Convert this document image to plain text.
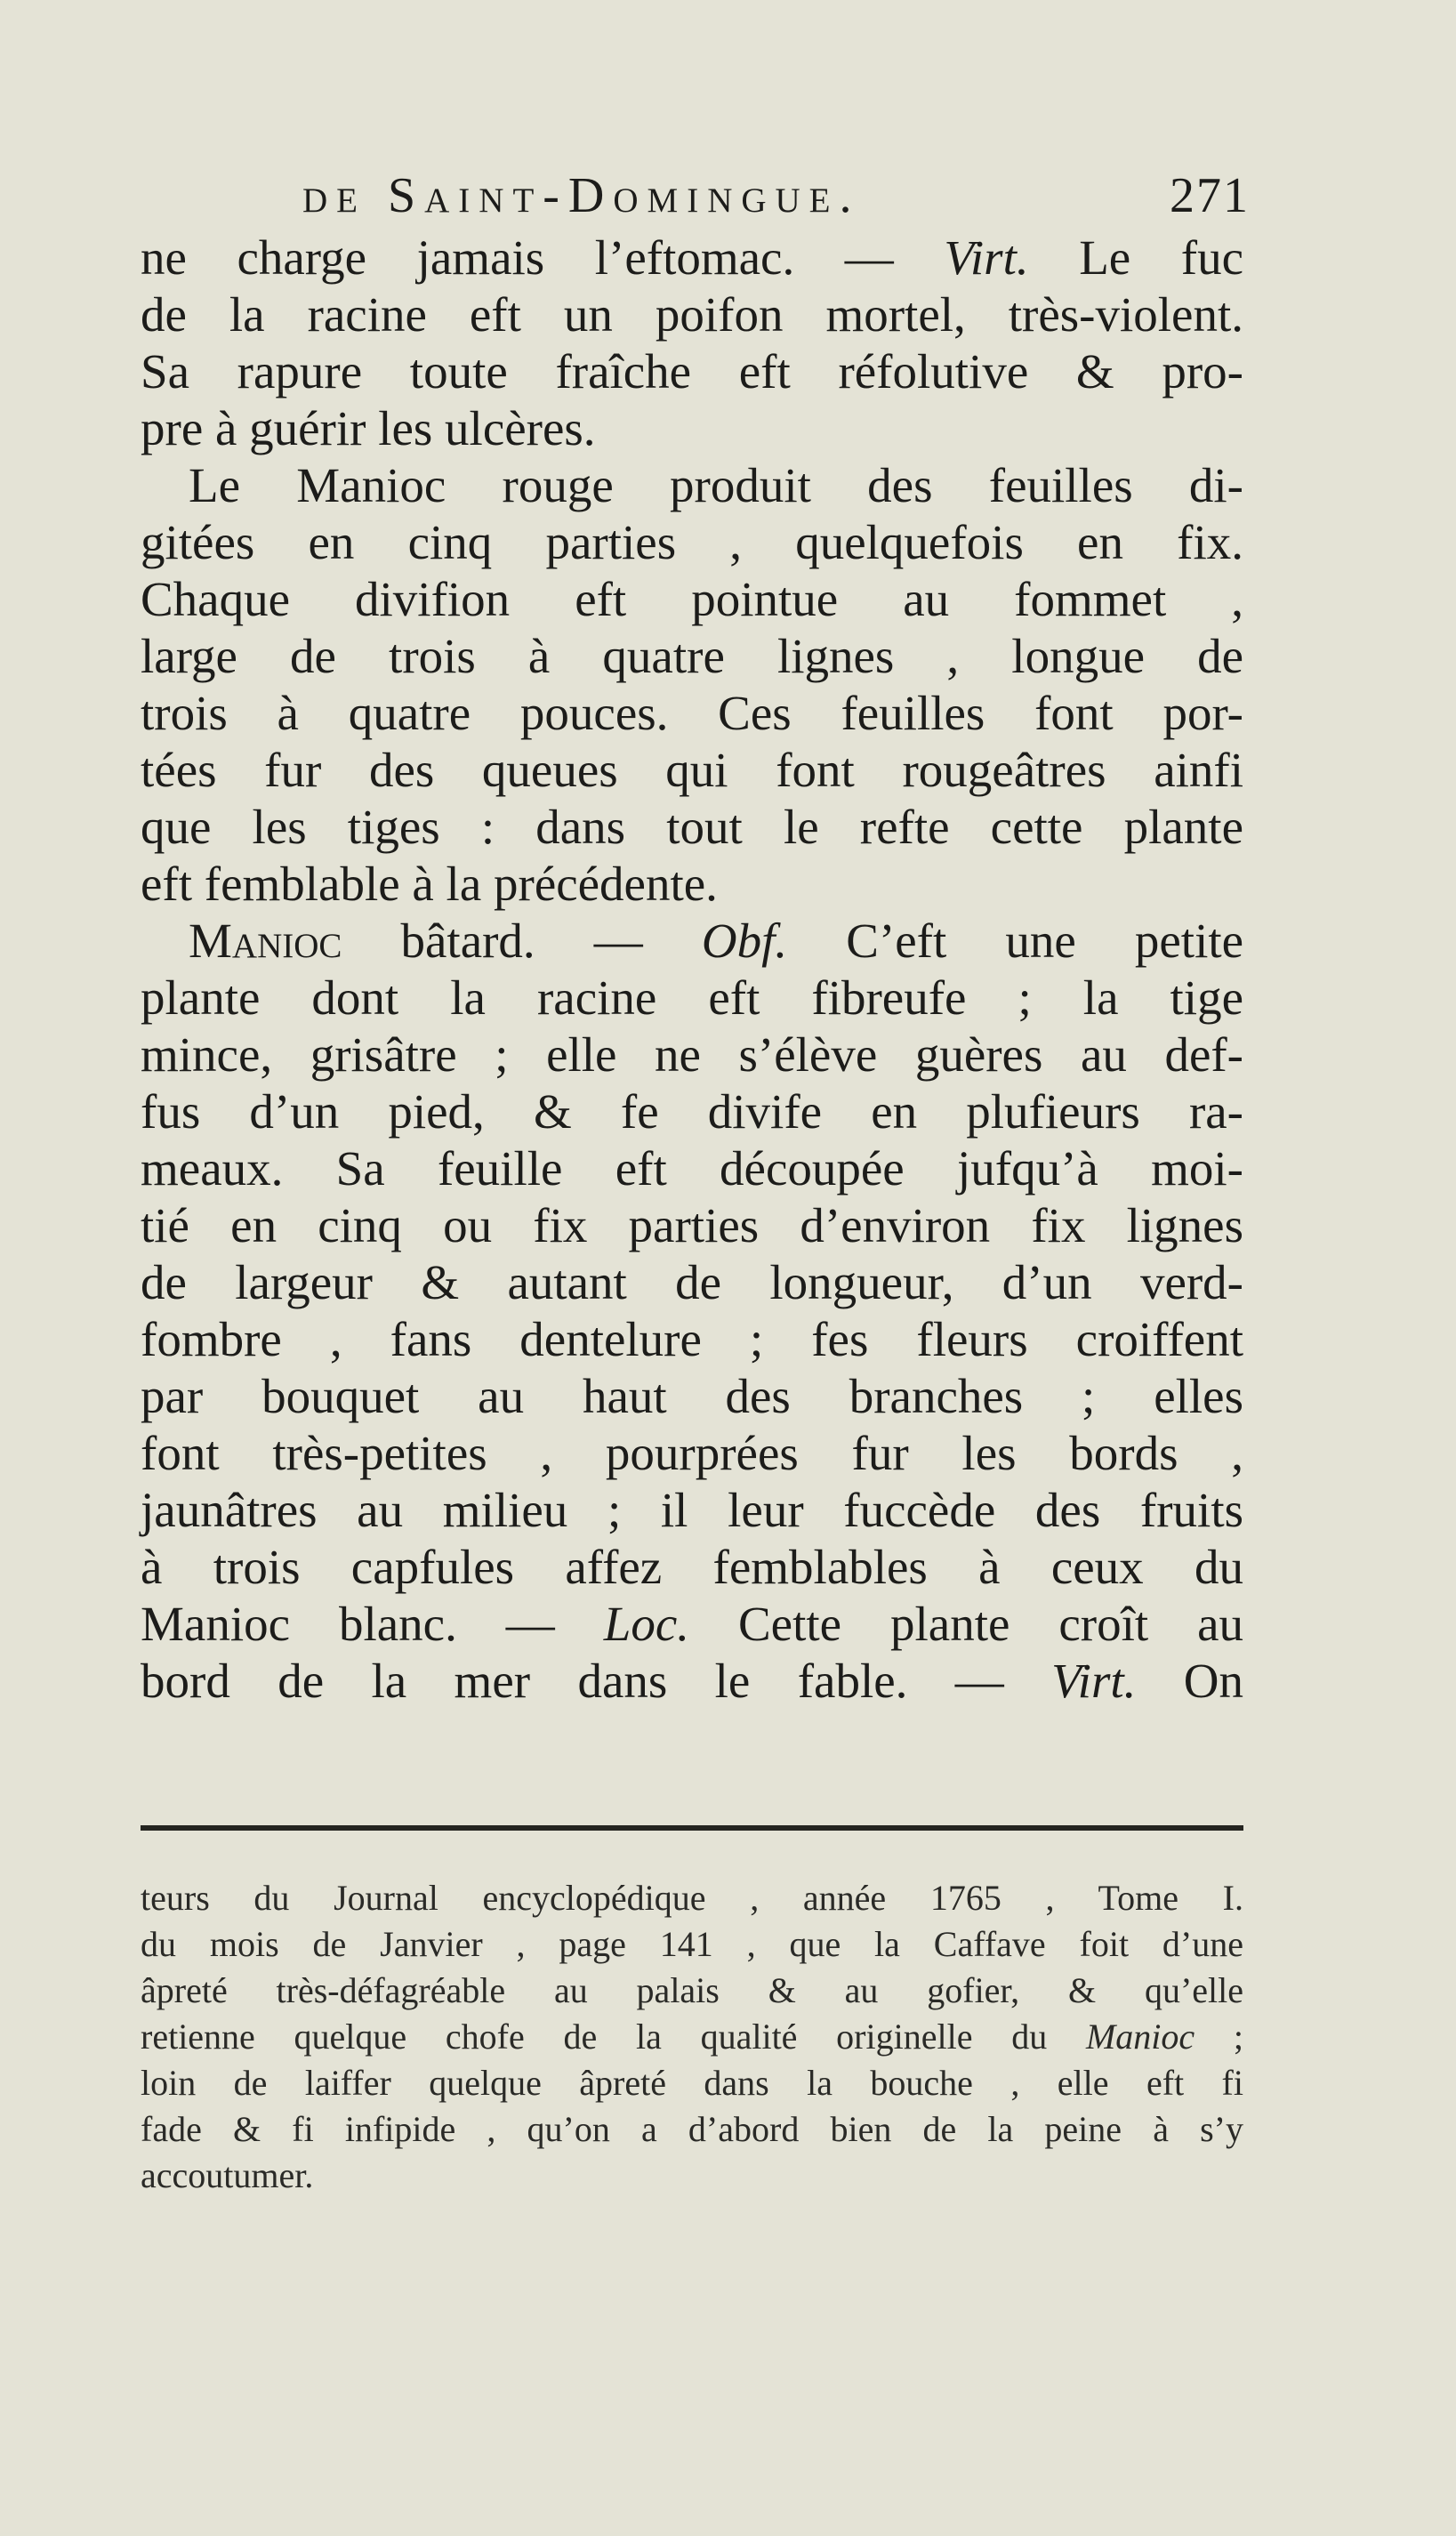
de Saint-Domingue.	271
ne charge jamais l’eftomac. — Virt. Le fuc
de la racine eft un poifon mortel, très-violent.
Sa rapure toute fraîche eft réfolutive & pro-
pre à guérir les ulcères.
Le Manioc rouge produit des feuilles di-
gitées en cinq parties , quelquefois en fix.
Chaque divifion eft pointue au fommet ,
large de trois à quatre lignes , longue de
trois à quatre pouces. Ces feuilles font por-
tées fur des queues qui font rougeâtres ainfi
que les tiges : dans tout le refte cette plante
eft femblable à la précédente.
Manioc bâtard. — Obf. C’eft une petite
plante dont la racine eft fibreufe ; la tige
mince, grisâtre ; elle ne s’élève guères au def-
fus d’un pied, & fe divife en plufieurs ra-
meaux. Sa feuille eft découpée jufqu’à moi-
tié en cinq ou fix parties d’environ fix lignes
de largeur & autant de longueur, d’un verd-
fombre , fans dentelure ; fes fleurs croiffent
par bouquet au haut des branches ; elles
font très-petites , pourprées fur les bords ,
jaunâtres au milieu ; il leur fuccède des fruits
à trois capfules affez femblables à ceux du
Manioc blanc. — Loc. Cette plante croît au
bord de la mer dans le fable. — Virt. On
teurs du Journal encyclopédique , année 1765 , Tome I.
du mois de Janvier , page 141 , que la Caffave foit d’une
âpreté très-défagréable au palais & au gofier, & qu’elle
retienne quelque chofe de la qualité originelle du Manioc ;
loin de laiffer quelque âpreté dans la bouche , elle eft fi
fade & fi infipide , qu’on a d’abord bien de la peine à s’y
accoutumer.
